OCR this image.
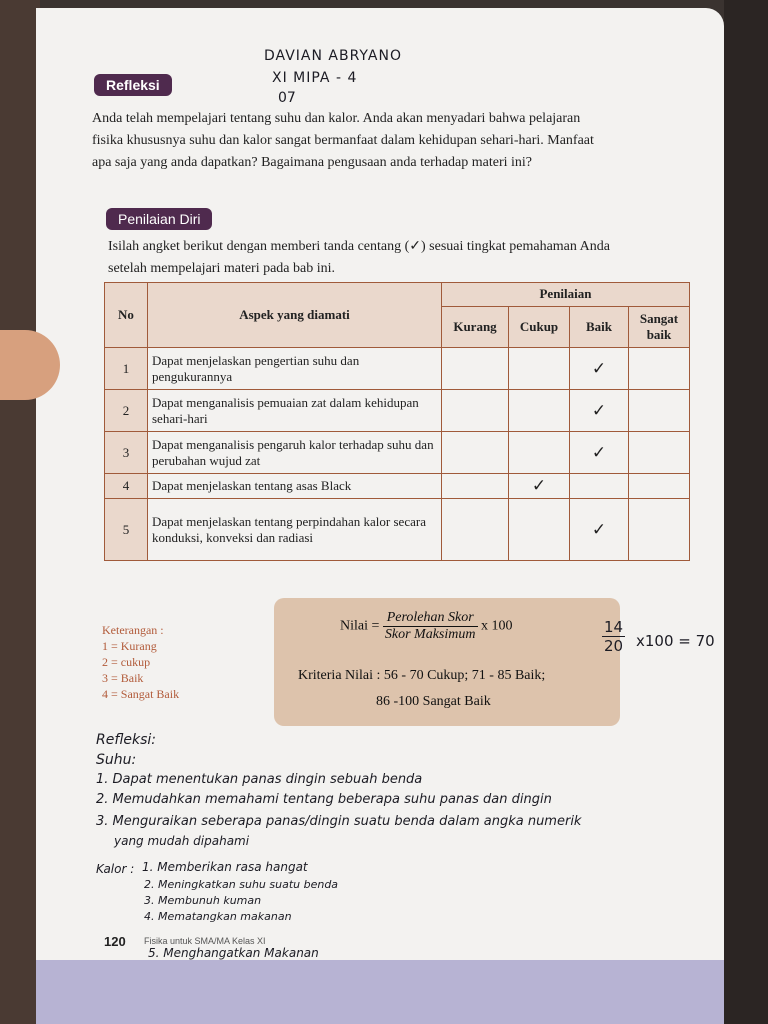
DAVIAN ABRYANO
XI MIPA - 4
07
Refleksi
Anda telah mempelajari tentang suhu dan kalor. Anda akan menyadari bahwa pelajaran
fisika khususnya suhu dan kalor sangat bermanfaat dalam kehidupan sehari-hari. Manfaat
apa saja yang anda dapatkan? Bagaimana pengusaan anda terhadap materi ini?
Penilaian Diri
Isilah angket berikut dengan memberi tanda centang (✓) sesuai tingkat pemahaman Anda
setelah mempelajari materi pada bab ini.
No	Aspek yang diamati	Penilaian			
		Kurang	Cukup	Baik	Sangat baik
1	Dapat menjelaskan pengertian suhu dan pengukurannya			✓	
2	Dapat menganalisis pemuaian zat dalam kehidupan sehari-hari			✓	
3	Dapat menganalisis pengaruh kalor terhadap suhu dan perubahan wujud zat			✓	
4	Dapat menjelaskan tentang asas Black		✓		
5	Dapat menjelaskan tentang perpindahan kalor secara konduksi, konveksi dan radiasi			✓	
Keterangan :
1 = Kurang
2 = cukup
3 = Baik
4 = Sangat Baik
Nilai = $\frac{\text{Perolehan Skor}}{\text{Skor Maksimum}}$ x 100
Kriteria Nilai : 56 - 70 Cukup; 71 - 85 Baik;
86 -100 Sangat Baik
14
20 x100 = 70
Refleksi:
Suhu:
1. Dapat menentukan panas dingin sebuah benda
2. Memudahkan memahami tentang beberapa suhu panas dan dingin
3. Menguraikan seberapa panas/dingin suatu benda dalam angka numerik
yang mudah dipahami
Kalor : 1. Memberikan rasa hangat
2. Meningkatkan suhu suatu benda
3. Membunuh kuman
4. Mematangkan makanan
5. Menghangatkan Makanan
120 Fisika untuk SMA/MA Kelas XI
